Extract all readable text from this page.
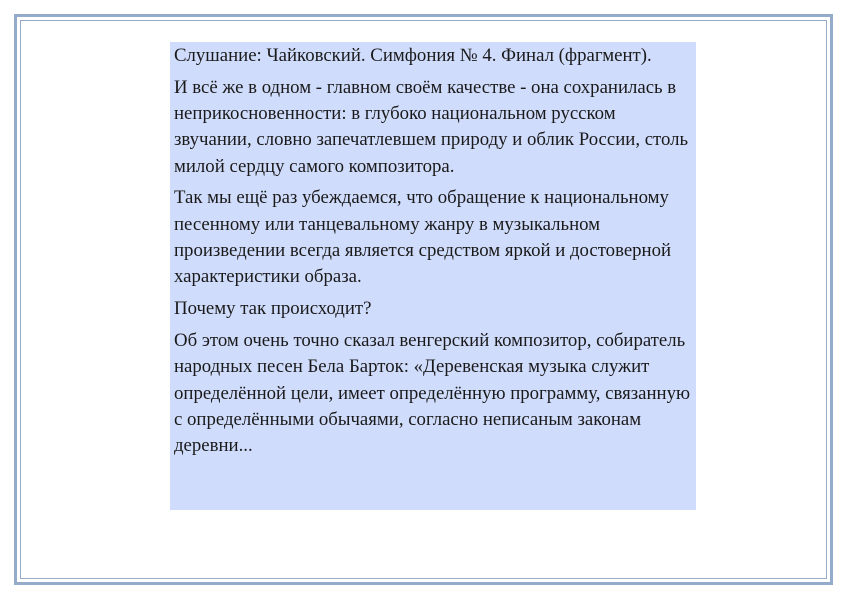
Слушание: Чайковский. Симфония № 4. Финал (фрагмент).

И всё же в одном - главном своём качестве - она сохранилась в неприкосновенности: в глубоко национальном русском звучании, словно запечатлевшем природу и облик России, столь милой сердцу самого композитора.

Так мы ещё раз убеждаемся, что обращение к национальному песенному или танцевальному жанру в музыкальном произведении всегда является средством яркой и достоверной характеристики образа.

Почему так происходит?

Об этом очень точно сказал венгерский композитор, собиратель народных песен Бела Барток: «Деревенская музыка служит определённой цели, имеет определённую программу, связанную с определёнными обычаями, согласно неписаным законам деревни...
